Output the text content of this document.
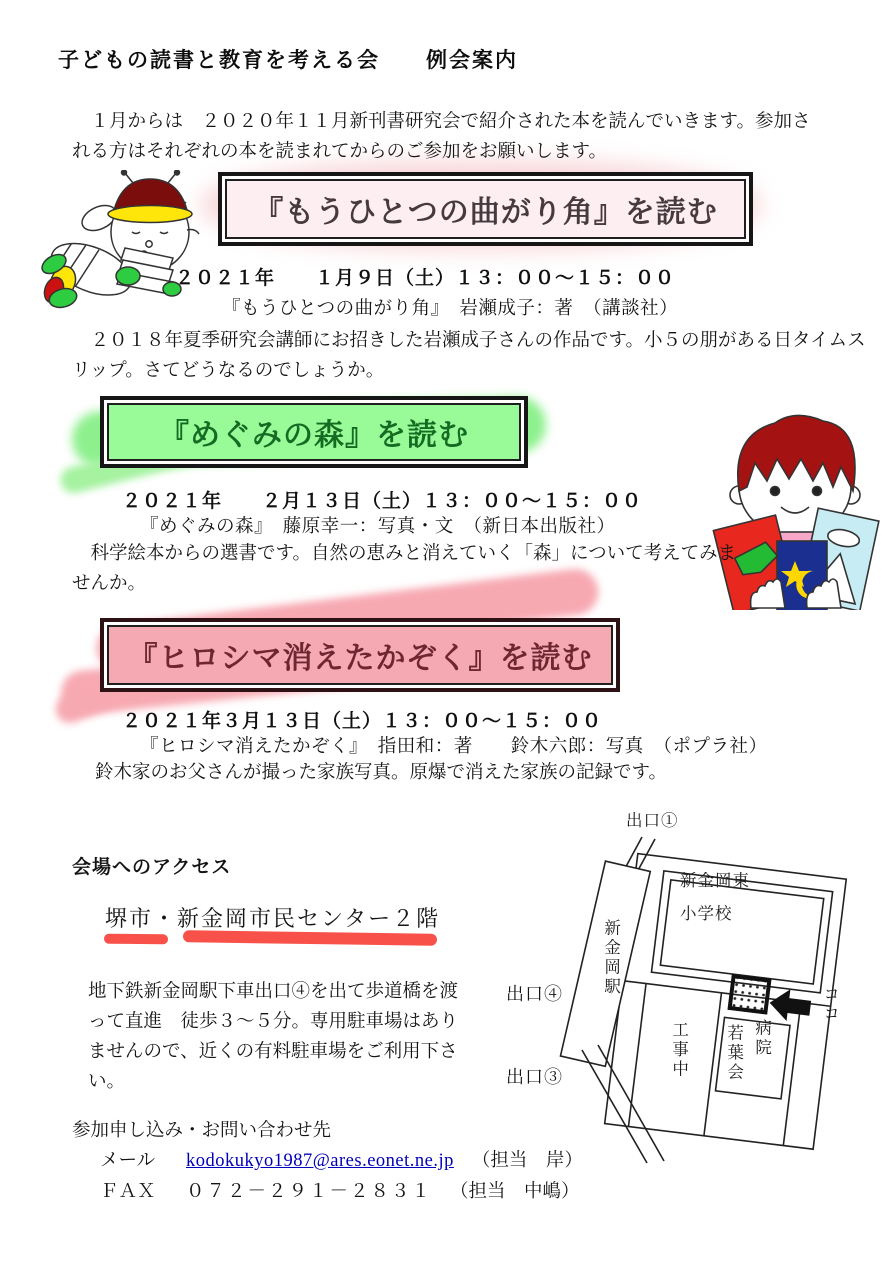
子どもの読書と教育を考える会　　例会案内
１月からは　２０２０年１１月新刊書研究会で紹介された本を読んでいきます。参加される方はそれぞれの本を読まれてからのご参加をお願いします。
『もうひとつの曲がり角』を読む
２０２１年　　１月９日（土）１３：００～１５：００
『もうひとつの曲がり角』　岩瀬成子：著　（講談社）
２０１８年夏季研究会講師にお招きした岩瀬成子さんの作品です。小５の朋がある日タイムスリップ。さてどうなるのでしょうか。
『めぐみの森』を読む
２０２１年　　２月１３日（土）１３：００～１５：００
『めぐみの森』　藤原幸一：写真・文　（新日本出版社）
科学絵本からの選書です。自然の恵みと消えていく「森」について考えてみませんか。
『ヒロシマ消えたかぞく』を読む
２０２１年３月１３日（土）１３：００～１５：００
『ヒロシマ消えたかぞく』　指田和：著　　鈴木六郎：写真　（ポプラ社）
鈴木家のお父さんが撮った家族写真。原爆で消えた家族の記録です。
会場へのアクセス
堺市・新金岡市民センター２階
地下鉄新金岡駅下車出口④を出て歩道橋を渡って直進　徒歩３～５分。専用駐車場はありませんので、近くの有料駐車場をご利用下さい。
出口④
出口③
出口①
新金岡駅
新金岡東
小学校
工事中 若葉会 病院
ココ
参加申し込み・お問い合わせ先
メール	kodokukyo1987@ares.eonet.ne.jp （担当　岸）
ＦＡＸ	０７２－２９１－２８３１ （担当　中嶋）
